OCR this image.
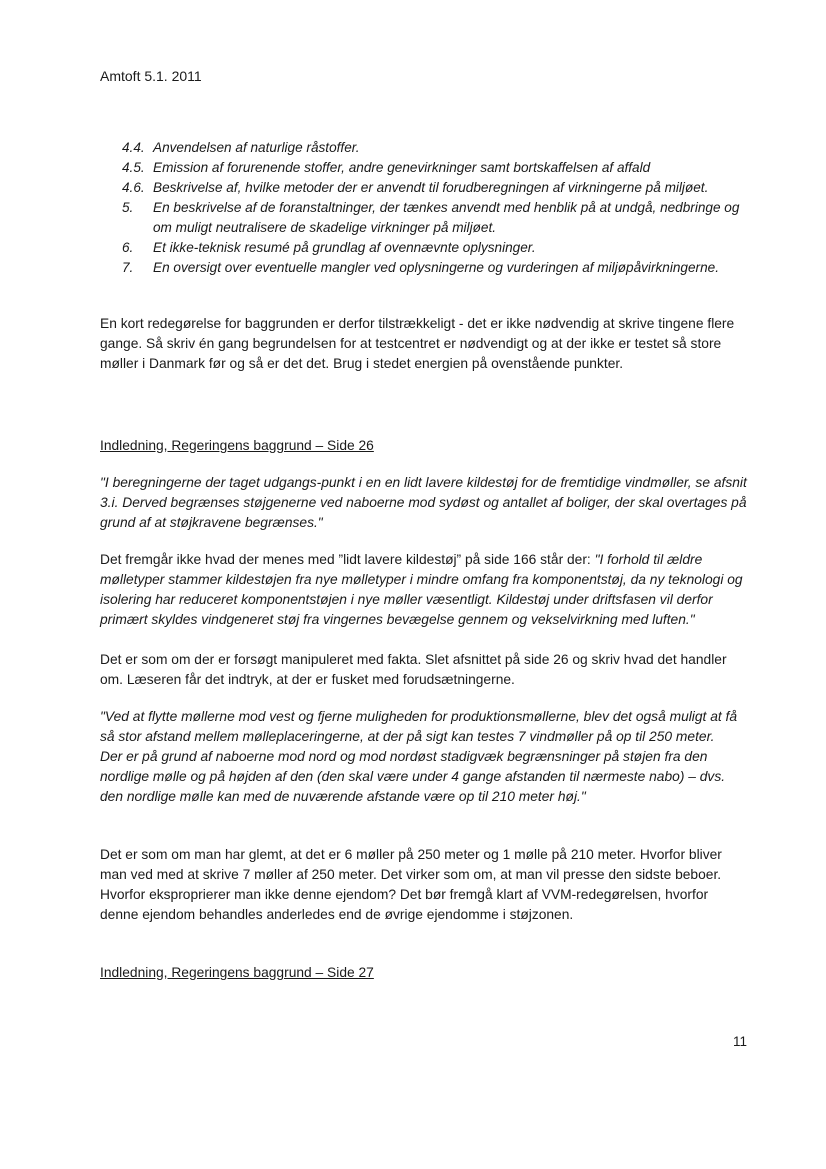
Amtoft 5.1. 2011
4.4. Anvendelsen af naturlige råstoffer.
4.5. Emission af forurenende stoffer, andre genevirkninger samt bortskaffelsen af affald
4.6. Beskrivelse af, hvilke metoder der er anvendt til forudberegningen af virkningerne på miljøet.
5.	En beskrivelse af de foranstaltninger, der tænkes anvendt med henblik på at undgå, nedbringe og om muligt neutralisere de skadelige virkninger på miljøet.
6.	Et ikke-teknisk resumé på grundlag af ovennævnte oplysninger.
7.	En oversigt over eventuelle mangler ved oplysningerne og vurderingen af miljøpåvirkningerne.
En kort redegørelse for baggrunden er derfor tilstrækkeligt - det er ikke nødvendig at skrive tingene flere gange. Så skriv én gang begrundelsen for at testcentret er nødvendigt og at der ikke er testet så store møller i Danmark før og så er det det. Brug i stedet energien på ovenstående punkter.
Indledning, Regeringens baggrund – Side 26
"I beregningerne der taget udgangs-punkt i en en lidt lavere kildestøj for de fremtidige vindmøller, se afsnit 3.i. Derved begrænses støjgenerne ved naboerne mod sydøst og antallet af boliger, der skal overtages på grund af at støjkravene begrænses."
Det fremgår ikke hvad der menes med ”lidt lavere kildestøj” på side 166 står der: "I forhold til ældre mølletyper stammer kildestøjen fra nye mølletyper i mindre omfang fra komponentstøj, da ny teknologi og isolering har reduceret komponentstøjen i nye møller væsentligt. Kildestøj under driftsfasen vil derfor primært skyldes vindgeneret støj fra vingernes bevægelse gennem og vekselvirkning med luften."
Det er som om der er forsøgt manipuleret med fakta. Slet afsnittet på side 26 og skriv hvad det handler om. Læseren får det indtryk, at der er fusket med forudsætningerne.
"Ved at flytte møllerne mod vest og fjerne muligheden for produktionsmøllerne, blev det også muligt at få så stor afstand mellem mølleplaceringerne, at der på sigt kan testes 7 vindmøller på op til 250 meter.
Der er på grund af naboerne mod nord og mod nordøst stadigvæk begrænsninger på støjen fra den nordlige mølle og på højden af den (den skal være under 4 gange afstanden til nærmeste nabo) – dvs. den nordlige mølle kan med de nuværende afstande være op til 210 meter høj."
Det er som om man har glemt, at det er 6 møller på 250 meter og 1 mølle på 210 meter. Hvorfor bliver man ved med at skrive 7 møller af 250 meter. Det virker som om, at man vil presse den sidste beboer. Hvorfor eksproprierer man ikke denne ejendom? Det bør fremgå klart af VVM-redegørelsen, hvorfor denne ejendom behandles anderledes end de øvrige ejendomme i støjzonen.
Indledning, Regeringens baggrund – Side 27
11
